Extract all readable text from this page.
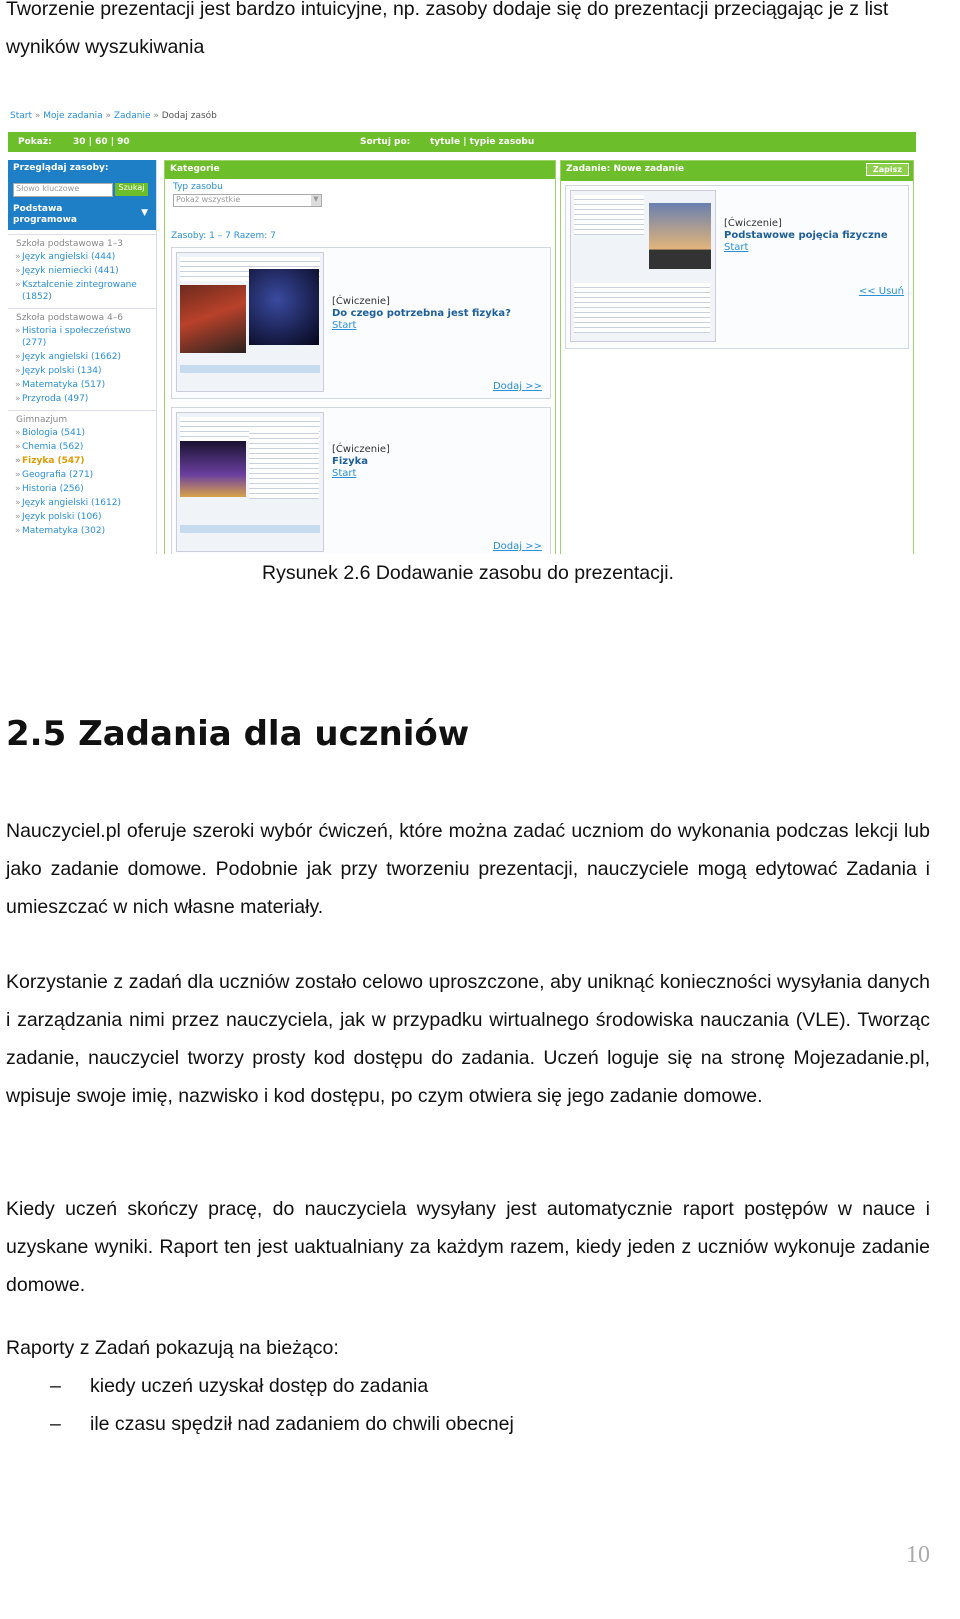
Tworzenie prezentacji jest bardzo intuicyjne, np. zasoby dodaje się do prezentacji przeciągając je z list wyników wyszukiwania

Start » Moje zadania » Zadanie » Dodaj zasób
Pokaż: 30 | 60 | 90	Sortuj po: tytule | typie zasobu
Przeglądaj zasoby:
Słowo kluczowe	Szukaj
Podstawa
programowa
▼
Szkoła podstawowa 1–3
» Język angielski (444)
» Język niemiecki (441)
» Kształcenie zintegrowane (1852)
Szkoła podstawowa 4–6
» Historia i społeczeństwo (277)
» Język angielski (1662)
» Język polski (134)
» Matematyka (517)
» Przyroda (497)
Gimnazjum
» Biologia (541)
» Chemia (562)
» Fizyka (547)
» Geografia (271)
» Historia (256)
» Język angielski (1612)
» Język polski (106)
» Matematyka (302)
Kategorie
Typ zasobu
Pokaż wszystkie	▼
Zasoby: 1 – 7 Razem: 7
[Ćwiczenie]
Do czego potrzebna jest fizyka?
Start
Dodaj >>
[Ćwiczenie]
Fizyka
Start
Dodaj >>
Zadanie: Nowe zadanie	Zapisz
[Ćwiczenie]
Podstawowe pojęcia fizyczne
Start
<< Usuń
Rysunek 2.6 Dodawanie zasobu do prezentacji.
2.5 Zadania dla uczniów

Nauczyciel.pl oferuje szeroki wybór ćwiczeń, które można zadać uczniom do wykonania podczas lekcji lub jako zadanie domowe. Podobnie jak przy tworzeniu prezentacji, nauczyciele mogą edytować Zadania i umieszczać w nich własne materiały.

Korzystanie z zadań dla uczniów zostało celowo uproszczone, aby uniknąć konieczności wysyłania danych i zarządzania nimi przez nauczyciela, jak w przypadku wirtualnego środowiska nauczania (VLE). Tworząc zadanie, nauczyciel tworzy prosty kod dostępu do zadania. Uczeń loguje się na stronę Mojezadanie.pl, wpisuje swoje imię, nazwisko i kod dostępu, po czym otwiera się jego zadanie domowe.

Kiedy uczeń skończy pracę, do nauczyciela wysyłany jest automatycznie raport postępów w nauce i uzyskane wyniki. Raport ten jest uaktualniany za każdym razem, kiedy jeden z uczniów wykonuje zadanie domowe.

Raporty z Zadań pokazują na bieżąco:

– kiedy uczeń uzyskał dostęp do zadania
– ile czasu spędził nad zadaniem do chwili obecnej
10
